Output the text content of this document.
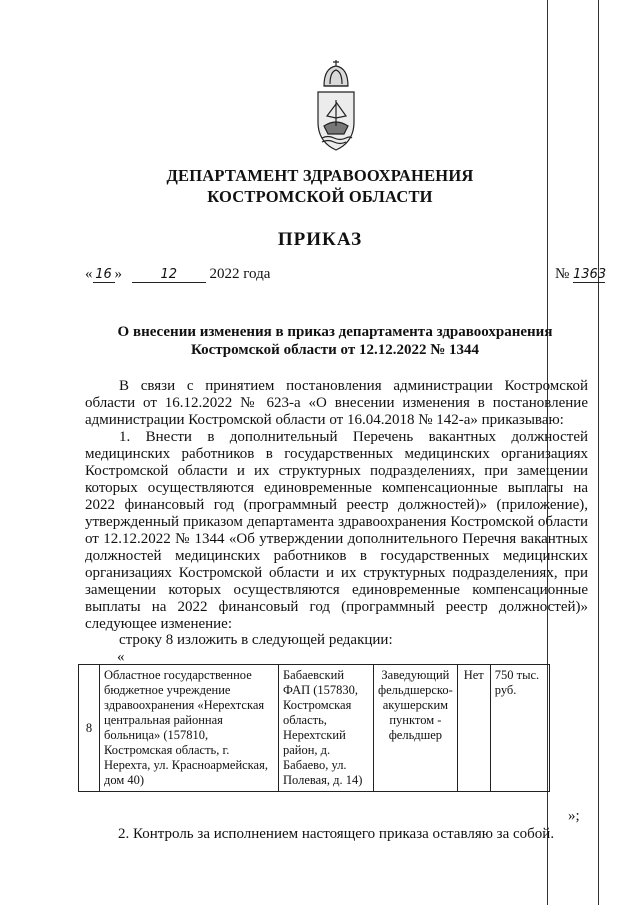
ДЕПАРТАМЕНТ ЗДРАВООХРАНЕНИЯ
КОСТРОМСКОЙ ОБЛАСТИ
ПРИКАЗ
« 16 »	12 2022 года	№ 1363
О внесении изменения в приказ департамента здравоохранения
Костромской области от 12.12.2022 № 1344
В связи с принятием постановления администрации Костромской области от 16.12.2022 № 623-а «О внесении изменения в постановление администрации Костромской области от 16.04.2018 № 142-а» приказываю:
1. Внести в дополнительный Перечень вакантных должностей медицинских работников в государственных медицинских организациях Костромской области и их структурных подразделениях, при замещении которых осуществляются единовременные компенсационные выплаты на 2022 финансовый год (программный реестр должностей)» (приложение), утвержденный приказом департамента здравоохранения Костромской области от 12.12.2022 № 1344 «Об утверждении дополнительного Перечня вакантных должностей медицинских работников в государственных медицинских организациях Костромской области и их структурных подразделениях, при замещении которых осуществляются единовременные компенсационные выплаты на 2022 финансовый год (программный реестр должностей)» следующее изменение:
строку 8 изложить в следующей редакции:
«
8	Областное государственное бюджетное учреждение здравоохранения «Нерехтская центральная районная больница» (157810, Костромская область, г. Нерехта, ул. Красноармейская, дом 40)	Бабаевский ФАП (157830, Костромская область, Нерехтский район, д. Бабаево, ул. Полевая, д. 14)	Заведующий фельдшерско-акушерским пунктом - фельдшер	Нет	750 тыс. руб.
»;
2. Контроль за исполнением настоящего приказа оставляю за собой.
